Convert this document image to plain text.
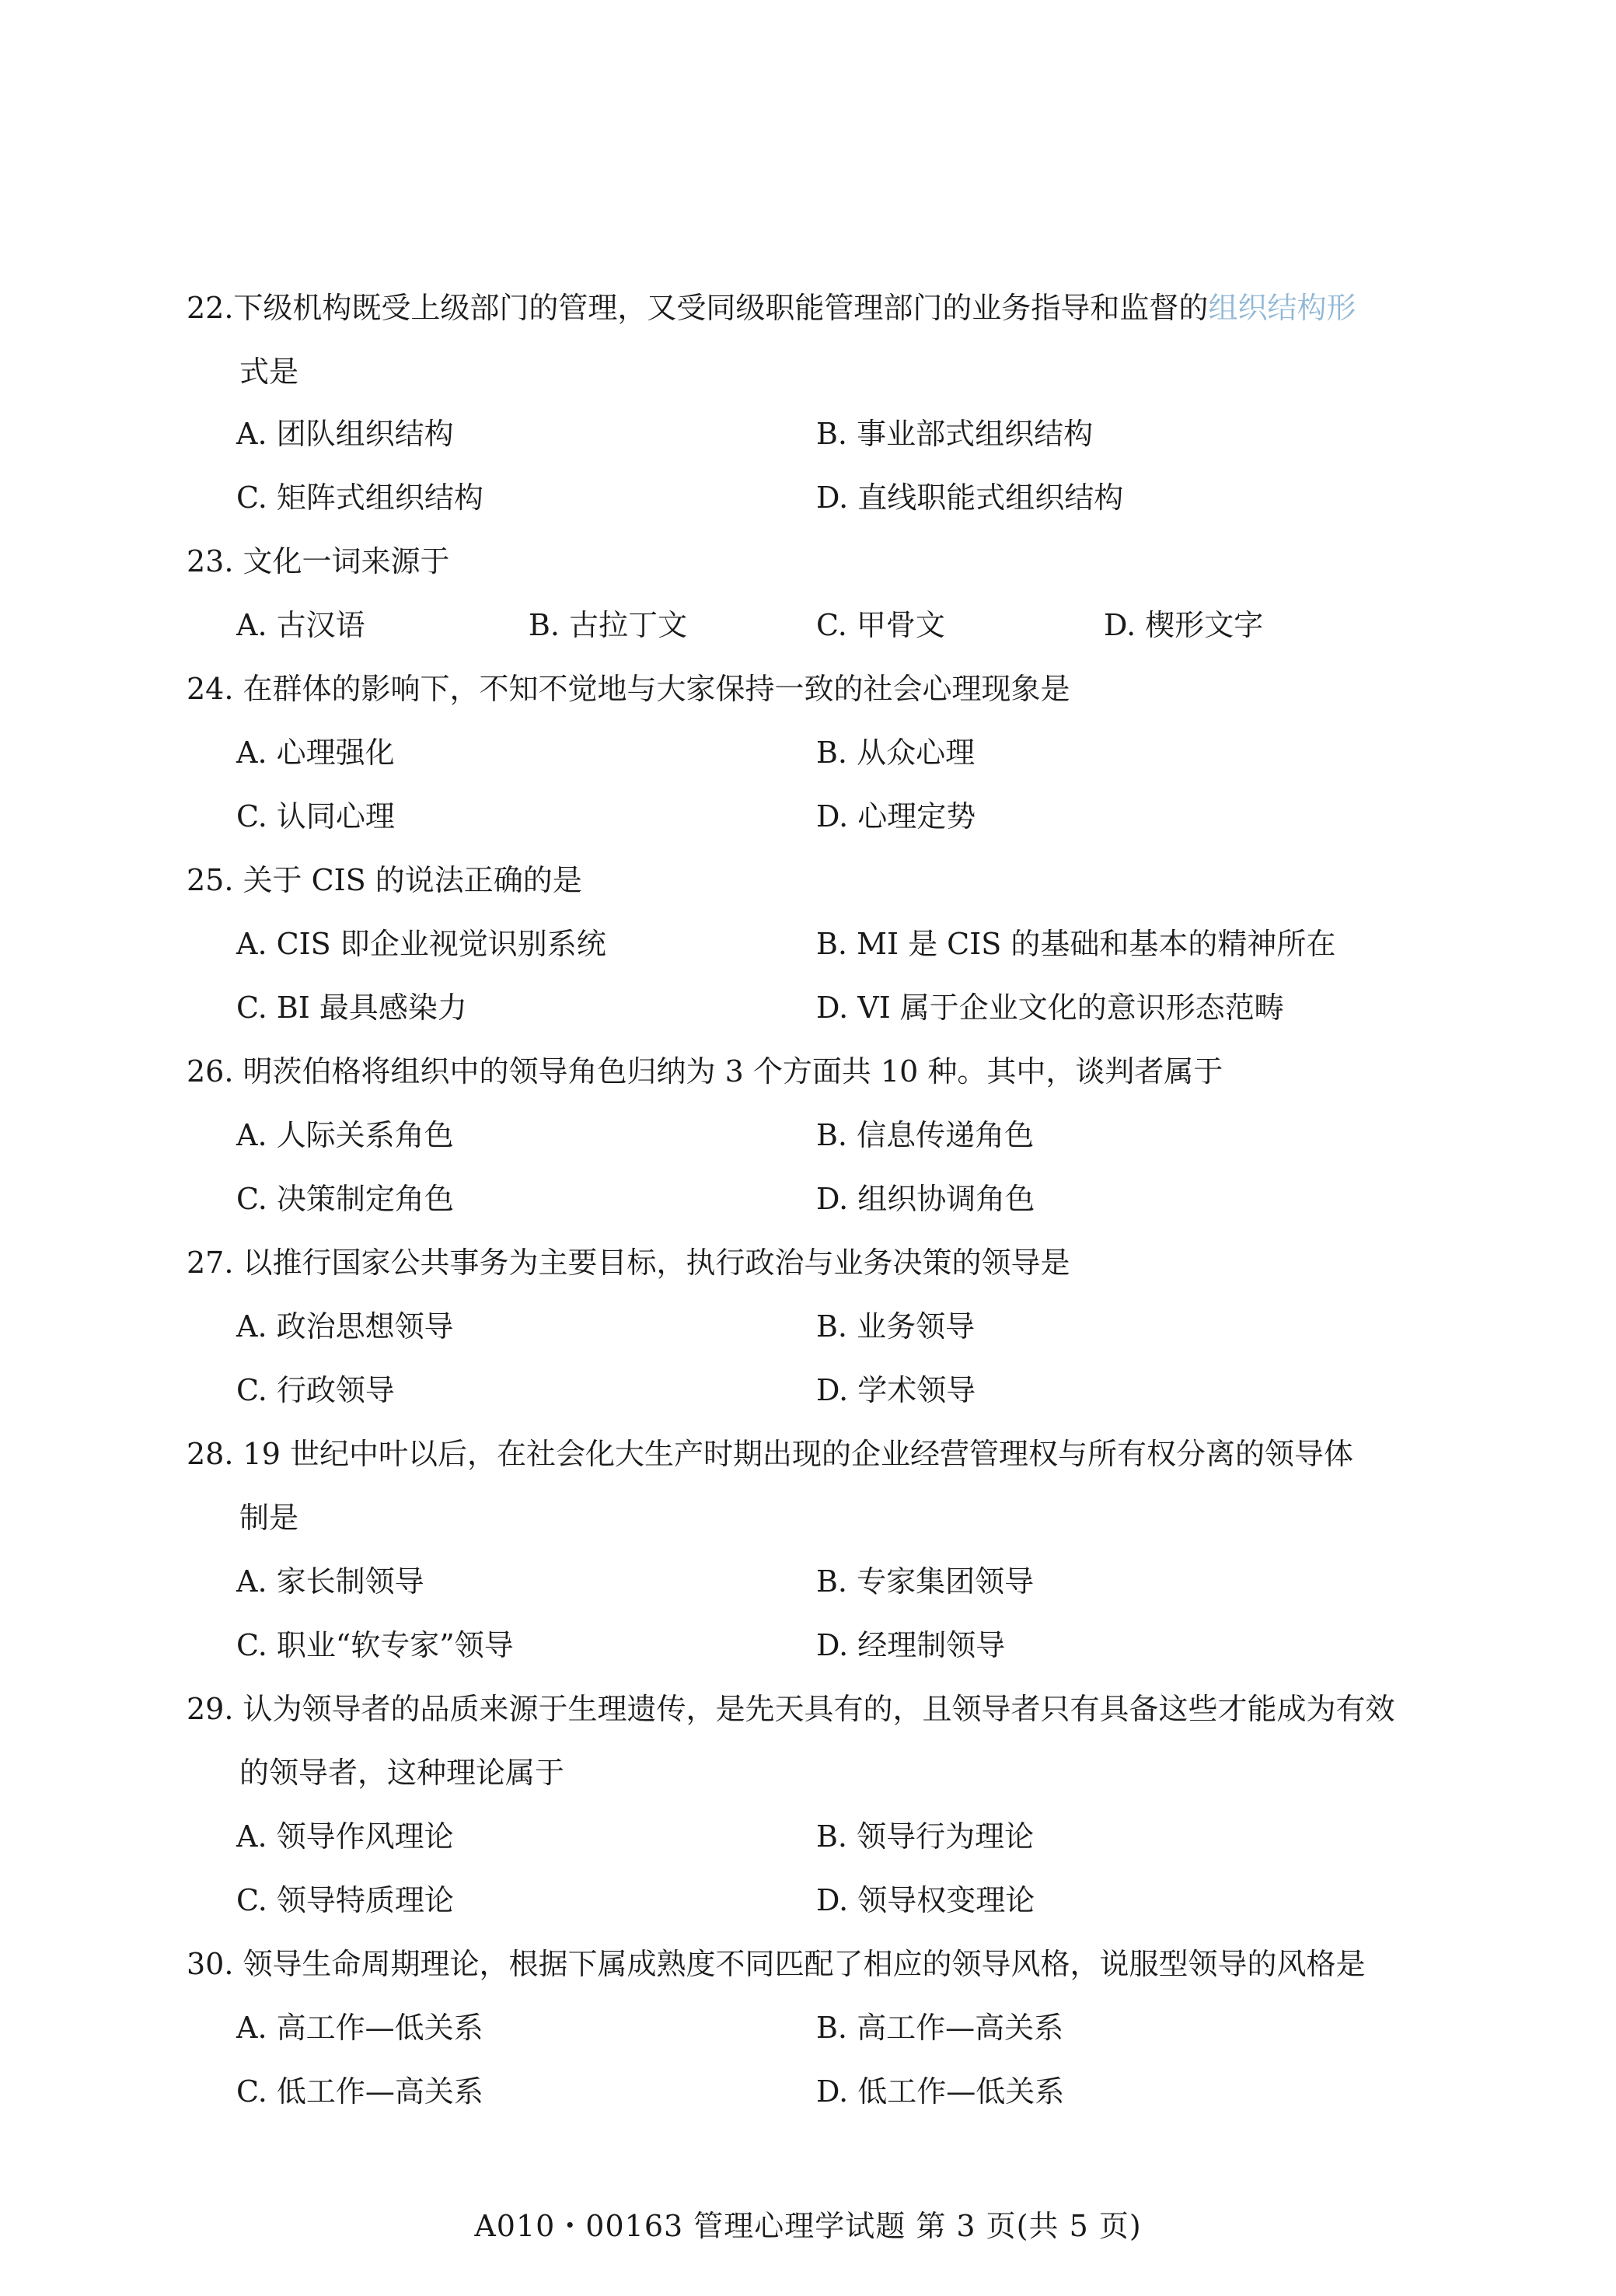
22.下级机构既受上级部门的管理，又受同级职能管理部门的业务指导和监督的组织结构形
式是
A. 团队组织结构	B. 事业部式组织结构
C. 矩阵式组织结构	D. 直线职能式组织结构
23. 文化一词来源于
A. 古汉语	B. 古拉丁文	C. 甲骨文	D. 楔形文字
24. 在群体的影响下，不知不觉地与大家保持一致的社会心理现象是
A. 心理强化	B. 从众心理
C. 认同心理	D. 心理定势
25. 关于 CIS 的说法正确的是
A. CIS 即企业视觉识别系统	B. MI 是 CIS 的基础和基本的精神所在
C. BI 最具感染力	D. VI 属于企业文化的意识形态范畴
26. 明茨伯格将组织中的领导角色归纳为 3 个方面共 10 种。其中，谈判者属于
A. 人际关系角色	B. 信息传递角色
C. 决策制定角色	D. 组织协调角色
27. 以推行国家公共事务为主要目标，执行政治与业务决策的领导是
A. 政治思想领导	B. 业务领导
C. 行政领导	D. 学术领导
28. 19 世纪中叶以后，在社会化大生产时期出现的企业经营管理权与所有权分离的领导体
制是
A. 家长制领导	B. 专家集团领导
C. 职业“软专家”领导	D. 经理制领导
29. 认为领导者的品质来源于生理遗传，是先天具有的，且领导者只有具备这些才能成为有效
的领导者，这种理论属于
A. 领导作风理论	B. 领导行为理论
C. 领导特质理论	D. 领导权变理论
30. 领导生命周期理论，根据下属成熟度不同匹配了相应的领导风格，说服型领导的风格是
A. 高工作—低关系	B. 高工作—高关系
C. 低工作—高关系	D. 低工作—低关系
A010・00163 管理心理学试题 第 3 页(共 5 页)
